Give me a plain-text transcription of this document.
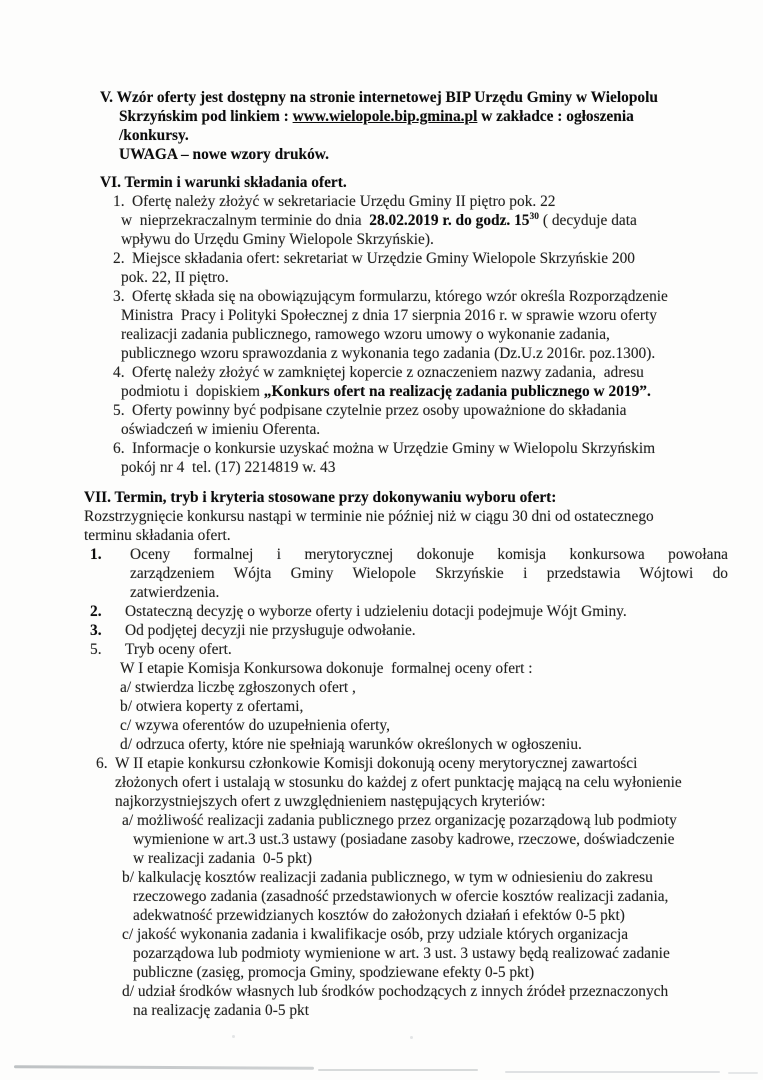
V. Wzór oferty jest dostępny na stronie internetowej BIP Urzędu Gminy w Wielopolu
Skrzyńskim pod linkiem : www.wielopole.bip.gmina.pl w zakładce : ogłoszenia
/konkursy.
UWAGA – nowe wzory druków.
VI. Termin i warunki składania ofert.
1. Ofertę należy złożyć w sekretariacie Urzędu Gminy II piętro pok. 22
w  nieprzekraczalnym terminie do dnia  28.02.2019 r. do godz. $15^{30}$ ( decyduje data
wpływu do Urzędu Gminy Wielopole Skrzyńskie).
2. Miejsce składania ofert: sekretariat w Urzędzie Gminy Wielopole Skrzyńskie 200
pok. 22, II piętro.
3. Ofertę składa się na obowiązującym formularzu, którego wzór określa Rozporządzenie
Ministra  Pracy i Polityki Społecznej z dnia 17 sierpnia 2016 r. w sprawie wzoru oferty
realizacji zadania publicznego, ramowego wzoru umowy o wykonanie zadania,
publicznego wzoru sprawozdania z wykonania tego zadania (Dz.U.z 2016r. poz.1300).
4. Ofertę należy złożyć w zamkniętej kopercie z oznaczeniem nazwy zadania,  adresu
podmiotu i  dopiskiem „Konkurs ofert na realizację zadania publicznego w 2019”.
5. Oferty powinny być podpisane czytelnie przez osoby upoważnione do składania
oświadczeń w imieniu Oferenta.
6. Informacje o konkursie uzyskać można w Urzędzie Gminy w Wielopolu Skrzyńskim
pokój nr 4  tel. (17) 2214819 w. 43
VII. Termin, tryb i kryteria stosowane przy dokonywaniu wyboru ofert:
Rozstrzygnięcie konkursu nastąpi w terminie nie później niż w ciągu 30 dni od ostatecznego
terminu składania ofert.
1. Oceny formalnej i merytorycznej dokonuje komisja konkursowa powołana
zarządzeniem Wójta Gminy Wielopole Skrzyńskie i przedstawia Wójtowi do
zatwierdzenia.
2. Ostateczną decyzję o wyborze oferty i udzieleniu dotacji podejmuje Wójt Gminy.
3. Od podjętej decyzji nie przysługuje odwołanie.
5. Tryb oceny ofert.
W I etapie Komisja Konkursowa dokonuje  formalnej oceny ofert :
a/ stwierdza liczbę zgłoszonych ofert ,
b/ otwiera koperty z ofertami,
c/ wzywa oferentów do uzupełnienia oferty,
d/ odrzuca oferty, które nie spełniają warunków określonych w ogłoszeniu.
6. W II etapie konkursu członkowie Komisji dokonują oceny merytorycznej zawartości
złożonych ofert i ustalają w stosunku do każdej z ofert punktację mającą na celu wyłonienie
najkorzystniejszych ofert z uwzględnieniem następujących kryteriów:
a/ możliwość realizacji zadania publicznego przez organizację pozarządową lub podmioty
wymienione w art.3 ust.3 ustawy (posiadane zasoby kadrowe, rzeczowe, doświadczenie
w realizacji zadania  0-5 pkt)
b/ kalkulację kosztów realizacji zadania publicznego, w tym w odniesieniu do zakresu
rzeczowego zadania (zasadność przedstawionych w ofercie kosztów realizacji zadania,
adekwatność przewidzianych kosztów do założonych działań i efektów 0-5 pkt)
c/ jakość wykonania zadania i kwalifikacje osób, przy udziale których organizacja
pozarządowa lub podmioty wymienione w art. 3 ust. 3 ustawy będą realizować zadanie
publiczne (zasięg, promocja Gminy, spodziewane efekty 0-5 pkt)
d/ udział środków własnych lub środków pochodzących z innych źródeł przeznaczonych
na realizację zadania 0-5 pkt
